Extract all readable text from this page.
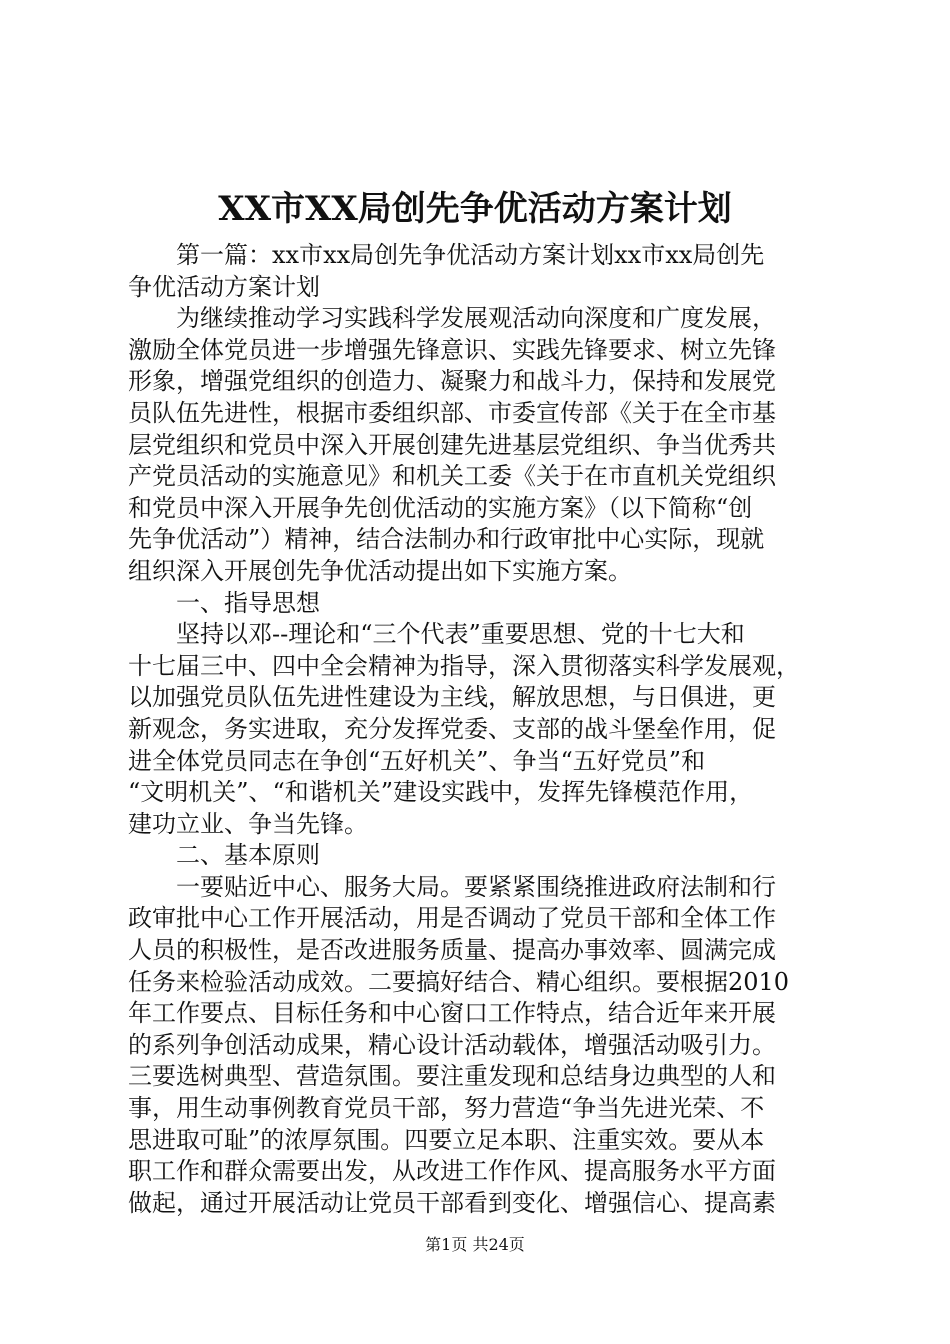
XX市XX局创先争优活动方案计划
　　第一篇：xx市xx局创先争优活动方案计划xx市xx局创先
争优活动方案计划
　　为继续推动学习实践科学发展观活动向深度和广度发展，
激励全体党员进一步增强先锋意识、实践先锋要求、树立先锋
形象，增强党组织的创造力、凝聚力和战斗力，保持和发展党
员队伍先进性，根据市委组织部、市委宣传部《关于在全市基
层党组织和党员中深入开展创建先进基层党组织、争当优秀共
产党员活动的实施意见》和机关工委《关于在市直机关党组织
和党员中深入开展争先创优活动的实施方案》（以下简称“创
先争优活动”）精神，结合法制办和行政审批中心实际，现就
组织深入开展创先争优活动提出如下实施方案。
　　一、指导思想
　　坚持以邓--理论和“三个代表”重要思想、党的十七大和
十七届三中、四中全会精神为指导，深入贯彻落实科学发展观，
以加强党员队伍先进性建设为主线，解放思想，与日俱进，更
新观念，务实进取，充分发挥党委、支部的战斗堡垒作用，促
进全体党员同志在争创“五好机关”、争当“五好党员”和
“文明机关”、“和谐机关”建设实践中，发挥先锋模范作用，
建功立业、争当先锋。
　　二、基本原则
　　一要贴近中心、服务大局。要紧紧围绕推进政府法制和行
政审批中心工作开展活动，用是否调动了党员干部和全体工作
人员的积极性，是否改进服务质量、提高办事效率、圆满完成
任务来检验活动成效。二要搞好结合、精心组织。要根据2010
年工作要点、目标任务和中心窗口工作特点，结合近年来开展
的系列争创活动成果，精心设计活动载体，增强活动吸引力。
三要选树典型、营造氛围。要注重发现和总结身边典型的人和
事，用生动事例教育党员干部，努力营造“争当先进光荣、不
思进取可耻”的浓厚氛围。四要立足本职、注重实效。要从本
职工作和群众需要出发，从改进工作作风、提高服务水平方面
做起，通过开展活动让党员干部看到变化、增强信心、提高素
第1页 共24页
